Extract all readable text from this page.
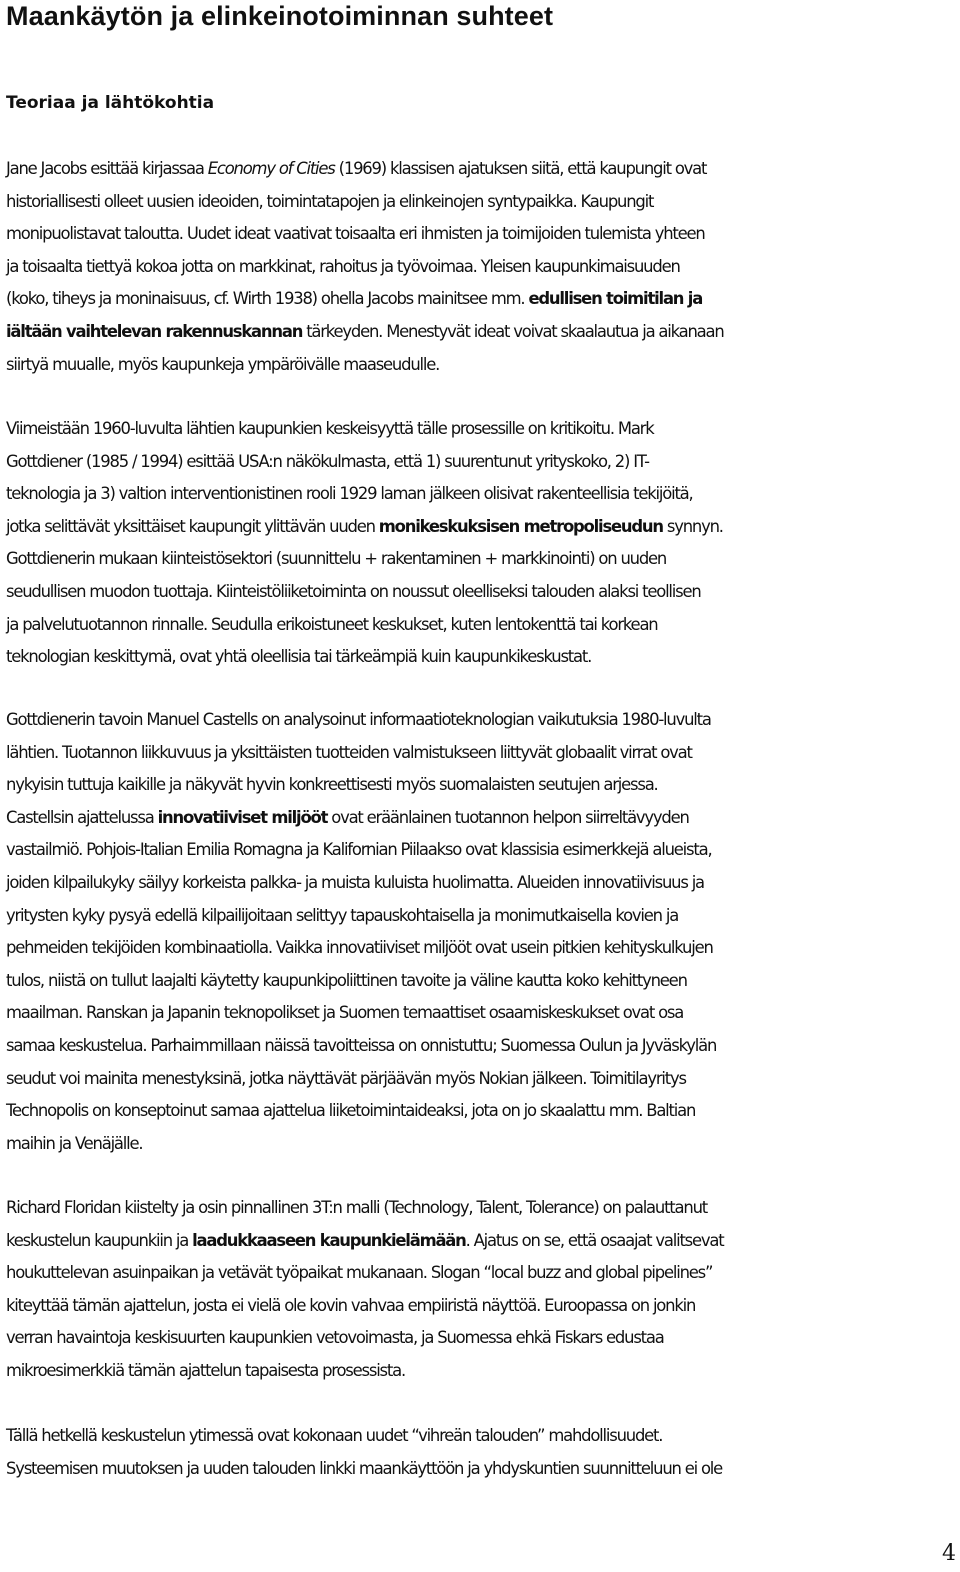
Maankäytön ja elinkeinotoiminnan suhteet
Teoriaa ja lähtökohtia
Jane Jacobs esittää kirjassaa Economy of Cities (1969) klassisen ajatuksen siitä, että kaupungit ovat
historiallisesti olleet uusien ideoiden, toimintatapojen ja elinkeinojen syntypaikka. Kaupungit
monipuolistavat taloutta. Uudet ideat vaativat toisaalta eri ihmisten ja toimijoiden tulemista yhteen
ja toisaalta tiettyä kokoa jotta on markkinat, rahoitus ja työvoimaa. Yleisen kaupunkimaisuuden
(koko, tiheys ja moninaisuus, cf. Wirth 1938) ohella Jacobs mainitsee mm. edullisen toimitilan ja
iältään vaihtelevan rakennuskannan tärkeyden. Menestyvät ideat voivat skaalautua ja aikanaan
siirtyä muualle, myös kaupunkeja ympäröivälle maaseudulle.
Viimeistään 1960-luvulta lähtien kaupunkien keskeisyyttä tälle prosessille on kritikoitu. Mark
Gottdiener (1985 / 1994) esittää USA:n näkökulmasta, että 1) suurentunut yrityskoko, 2) IT-
teknologia ja 3) valtion interventionistinen rooli 1929 laman jälkeen olisivat rakenteellisia tekijöitä,
jotka selittävät yksittäiset kaupungit ylittävän uuden monikeskuksisen metropoliseudun synnyn.
Gottdienerin mukaan kiinteistösektori (suunnittelu + rakentaminen + markkinointi) on uuden
seudullisen muodon tuottaja. Kiinteistöliiketoiminta on noussut oleelliseksi talouden alaksi teollisen
ja palvelutuotannon rinnalle. Seudulla erikoistuneet keskukset, kuten lentokenttä tai korkean
teknologian keskittymä, ovat yhtä oleellisia tai tärkeämpiä kuin kaupunkikeskustat.
Gottdienerin tavoin Manuel Castells on analysoinut informaatioteknologian vaikutuksia 1980-luvulta
lähtien. Tuotannon liikkuvuus ja yksittäisten tuotteiden valmistukseen liittyvät globaalit virrat ovat
nykyisin tuttuja kaikille ja näkyvät hyvin konkreettisesti myös suomalaisten seutujen arjessa.
Castellsin ajattelussa innovatiiviset miljööt ovat eräänlainen tuotannon helpon siirreltävyyden
vastailmiö. Pohjois-Italian Emilia Romagna ja Kalifornian Piilaakso ovat klassisia esimerkkejä alueista,
joiden kilpailukyky säilyy korkeista palkka- ja muista kuluista huolimatta. Alueiden innovatiivisuus ja
yritysten kyky pysyä edellä kilpailijoitaan selittyy tapauskohtaisella ja monimutkaisella kovien ja
pehmeiden tekijöiden kombinaatiolla. Vaikka innovatiiviset miljööt ovat usein pitkien kehityskulkujen
tulos, niistä on tullut laajalti käytetty kaupunkipoliittinen tavoite ja väline kautta koko kehittyneen
maailman. Ranskan ja Japanin teknopolikset ja Suomen temaattiset osaamiskeskukset ovat osa
samaa keskustelua. Parhaimmillaan näissä tavoitteissa on onnistuttu; Suomessa Oulun ja Jyväskylän
seudut voi mainita menestyksinä, jotka näyttävät pärjäävän myös Nokian jälkeen. Toimitilayritys
Technopolis on konseptoinut samaa ajattelua liiketoimintaideaksi, jota on jo skaalattu mm. Baltian
maihin ja Venäjälle.
Richard Floridan kiistelty ja osin pinnallinen 3T:n malli (Technology, Talent, Tolerance) on palauttanut
keskustelun kaupunkiin ja laadukkaaseen kaupunkielämään. Ajatus on se, että osaajat valitsevat
houkuttelevan asuinpaikan ja vetävät työpaikat mukanaan. Slogan “local buzz and global pipelines”
kiteyttää tämän ajattelun, josta ei vielä ole kovin vahvaa empiiristä näyttöä. Euroopassa on jonkin
verran havaintoja keskisuurten kaupunkien vetovoimasta, ja Suomessa ehkä Fiskars edustaa
mikroesimerkkiä tämän ajattelun tapaisesta prosessista.
Tällä hetkellä keskustelun ytimessä ovat kokonaan uudet “vihreän talouden” mahdollisuudet.
Systeemisen muutoksen ja uuden talouden linkki maankäyttöön ja yhdyskuntien suunnitteluun ei ole
4
